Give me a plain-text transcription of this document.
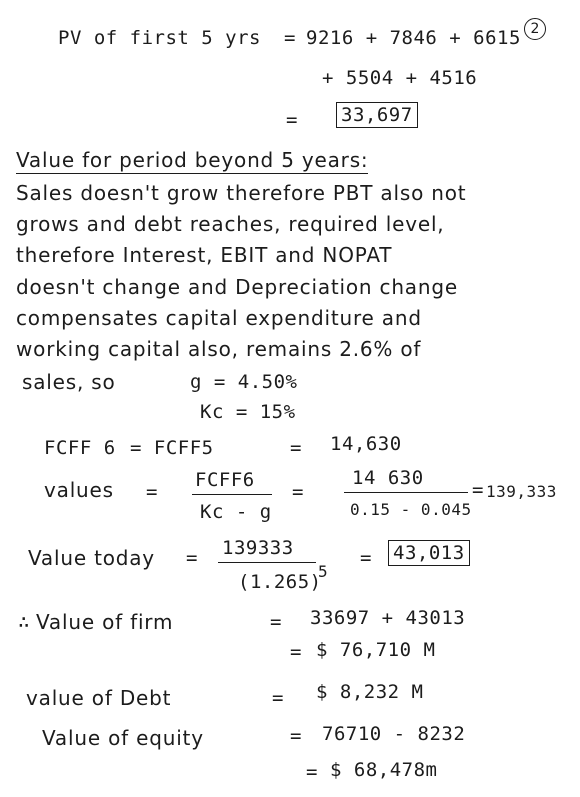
PV of first 5 yrs = 9216 + 7846 + 6615 2
+ 5504 + 4516
= 33,697
Value for period beyond 5 years:
Sales doesn't grow therefore PBT also not
grows and debt reaches, required level,
therefore Interest, EBIT and NOPAT
doesn't change and Depreciation change
compensates capital expenditure and
working capital also, remains 2.6% of
sales, so	g = 4.50%
Kc = 15%
FCFF 6 = FCFF5	= 14,630
values =
FCFF6
Kc - g
=
14 630
0.15 - 0.045
= 139,333
Value today = 139333
(1.265)
5
= 43,013
∴ Value of firm	= 33697 + 43013
= $ 76,710 M
value of Debt	= $ 8,232 M
Value of equity	= 76710 - 8232
= $ 68,478m
